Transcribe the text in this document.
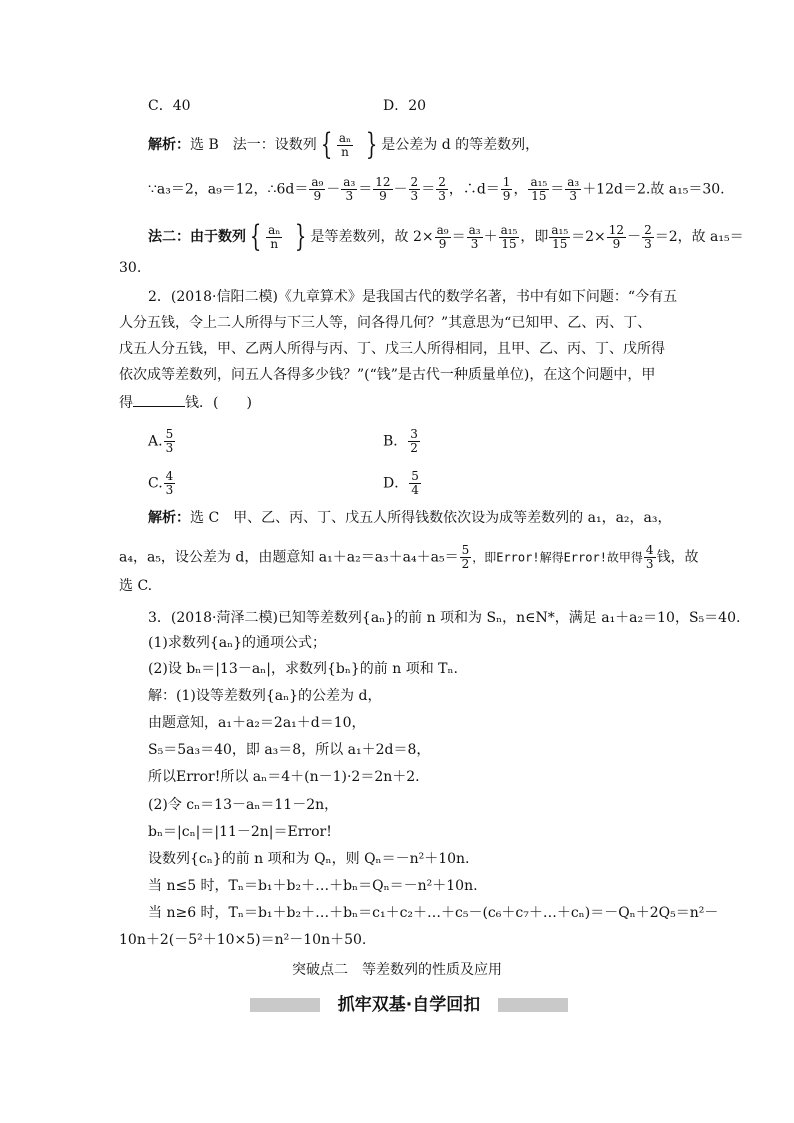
C．40	D．20
解析：选 B　法一：设数列 { $\frac{\text{aₙ}}{n}$ } 是公差为 d 的等差数列，
∵a₃＝2，a₉＝12，∴6d＝ $\frac{\text{a₉}}{9} - \frac{\text{a₃}}{3} = \frac{12}{9} - \frac{2}{3} = \frac{2}{3}$ ，∴d＝ $\frac{1}{9}$ ， $\frac{\text{a₁₅}}{15} = \frac{\text{a₃}}{3} +12d=2$.故 a₁₅＝30.
法二：由于数列 { $\frac{\text{aₙ}}{n}$ } 是等差数列，故 $2\times \frac{\text{a₉}}{9} = \frac{\text{a₃}}{3} + \frac{\text{a₁₅}}{15}$ ，即 $\frac{\text{a₁₅}}{15} =2\times \frac{12}{9} - \frac{2}{3} =2$，故 a₁₅＝
30.
2．(2018·信阳二模)《九章算术》是我国古代的数学名著，书中有如下问题：“今有五
人分五钱，令上二人所得与下三人等，问各得几何？”其意思为“已知甲、乙、丙、丁、
戊五人分五钱，甲、乙两人所得与丙、丁、戊三人所得相同，且甲、乙、丙、丁、戊所得
依次成等差数列，问五人各得多少钱？”(“钱”是古代一种质量单位)，在这个问题中，甲
得	钱．(　　)
A. $\frac{5}{3}$	B． $\frac{3}{2}$
C. $\frac{4}{3}$	D． $\frac{5}{4}$
解析：选 C　甲、乙、丙、丁、戊五人所得钱数依次设为成等差数列的 a₁，a₂，a₃，
a₄，a₅，设公差为 d，由题意知 $a_1+a_2=a_3+a_4+a_5= \frac{5}{2}$ ，即Error!解得Error!故甲得 $\frac{4}{3}$ 钱，故
选 C.
3．(2018·菏泽二模)已知等差数列{aₙ}的前 n 项和为 Sₙ，n∈N*，满足 a₁＋a₂＝10，S₅＝40.
(1)求数列{aₙ}的通项公式；
(2)设 bₙ＝|13－aₙ|，求数列{bₙ}的前 n 项和 Tₙ.
解：(1)设等差数列{aₙ}的公差为 d，
由题意知，a₁＋a₂＝2a₁＋d＝10，
S₅＝5a₃＝40，即 a₃＝8，所以 a₁＋2d＝8，
所以Error!所以 aₙ＝4＋(n－1)·2＝2n＋2.
(2)令 cₙ＝13－aₙ＝11－2n，
bₙ＝|cₙ|＝|11－2n|＝Error!
设数列{cₙ}的前 n 项和为 Qₙ，则 Qₙ＝－n²＋10n.
当 n≤5 时，Tₙ＝b₁＋b₂＋…＋bₙ＝Qₙ＝－n²＋10n.
当 n≥6 时，Tₙ＝b₁＋b₂＋…＋bₙ＝c₁＋c₂＋…＋c₅－(c₆＋c₇＋…＋cₙ)＝－Qₙ＋2Q₅＝n²－
10n＋2(－5²＋10×5)＝n²－10n＋50.
突破点二　等差数列的性质及应用
抓牢双基·自学回扣
